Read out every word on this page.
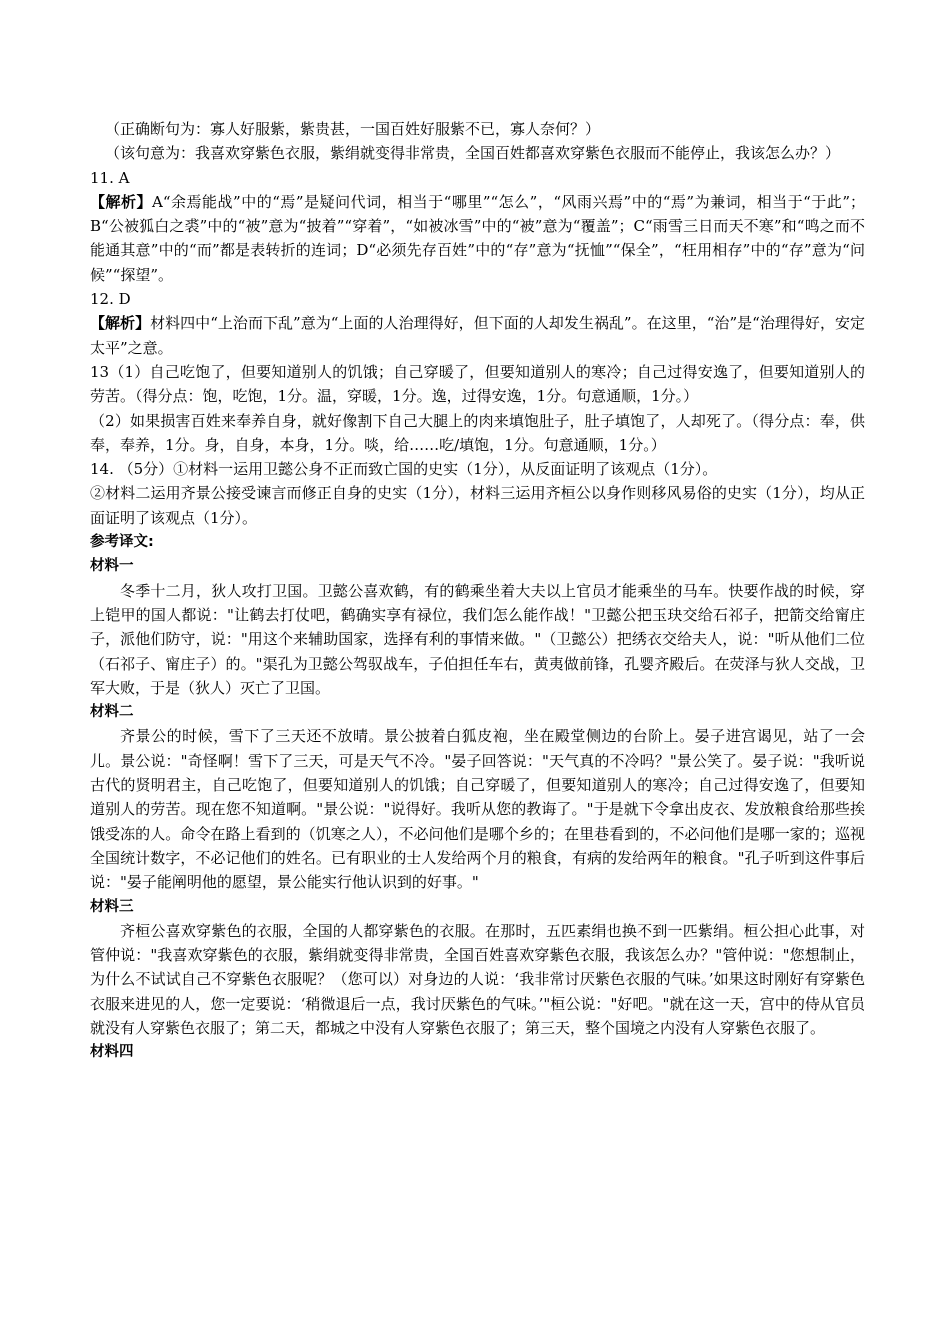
（正确断句为：寡人好服紫，紫贵甚，一国百姓好服紫不已，寡人奈何？）

（该句意为：我喜欢穿紫色衣服，紫绢就变得非常贵，全国百姓都喜欢穿紫色衣服而不能停止，我该怎么办？）

11. A

【解析】A“余焉能战”中的“焉”是疑问代词，相当于“哪里”“怎么”，“风雨兴焉”中的“焉”为兼词，相当于“于此”；B“公被狐白之裘”中的“被”意为“披着”“穿着”，“如被冰雪”中的“被”意为“覆盖”；C“雨雪三日而天不寒”和“鸣之而不能通其意”中的“而”都是表转折的连词；D“必须先存百姓”中的“存”意为“抚恤”“保全”，“枉用相存”中的“存”意为“问候”“探望”。

12. D

【解析】材料四中“上治而下乱”意为“上面的人治理得好，但下面的人却发生祸乱”。在这里，“治”是“治理得好，安定太平”之意。

13（1）自己吃饱了，但要知道别人的饥饿；自己穿暖了，但要知道别人的寒冷；自己过得安逸了，但要知道别人的劳苦。（得分点：饱，吃饱，1分。温，穿暖，1分。逸，过得安逸，1分。句意通顺，1分。）

（2）如果损害百姓来奉养自身，就好像割下自己大腿上的肉来填饱肚子，肚子填饱了，人却死了。（得分点：奉，供奉，奉养，1分。身，自身，本身，1分。啖，给……吃/填饱，1分。句意通顺，1分。）

14. （5分）①材料一运用卫懿公身不正而致亡国的史实（1分），从反面证明了该观点（1分）。

②材料二运用齐景公接受谏言而修正自身的史实（1分），材料三运用齐桓公以身作则移风易俗的史实（1分），均从正面证明了该观点（1分）。

参考译文:

材料一

冬季十二月，狄人攻打卫国。卫懿公喜欢鹤，有的鹤乘坐着大夫以上官员才能乘坐的马车。快要作战的时候，穿上铠甲的国人都说："让鹤去打仗吧，鹤确实享有禄位，我们怎么能作战！"卫懿公把玉玦交给石祁子，把箭交给甯庄子，派他们防守，说："用这个来辅助国家，选择有利的事情来做。"（卫懿公）把绣衣交给夫人，说："听从他们二位（石祁子、甯庄子）的。"渠孔为卫懿公驾驭战车，子伯担任车右，黄夷做前锋，孔婴齐殿后。在荧泽与狄人交战，卫军大败，于是（狄人）灭亡了卫国。

材料二

齐景公的时候，雪下了三天还不放晴。景公披着白狐皮袍，坐在殿堂侧边的台阶上。晏子进宫谒见，站了一会儿。景公说："奇怪啊！雪下了三天，可是天气不冷。"晏子回答说："天气真的不冷吗？"景公笑了。晏子说："我听说古代的贤明君主，自己吃饱了，但要知道别人的饥饿；自己穿暖了，但要知道别人的寒冷；自己过得安逸了，但要知道别人的劳苦。现在您不知道啊。"景公说："说得好。我听从您的教诲了。"于是就下令拿出皮衣、发放粮食给那些挨饿受冻的人。命令在路上看到的（饥寒之人），不必问他们是哪个乡的；在里巷看到的，不必问他们是哪一家的；巡视全国统计数字，不必记他们的姓名。已有职业的士人发给两个月的粮食，有病的发给两年的粮食。"孔子听到这件事后说："晏子能阐明他的愿望，景公能实行他认识到的好事。"

材料三

齐桓公喜欢穿紫色的衣服，全国的人都穿紫色的衣服。在那时，五匹素绢也换不到一匹紫绢。桓公担心此事，对管仲说："我喜欢穿紫色的衣服，紫绢就变得非常贵，全国百姓喜欢穿紫色衣服，我该怎么办？"管仲说："您想制止，为什么不试试自己不穿紫色衣服呢？（您可以）对身边的人说：‘我非常讨厌紫色衣服的气味。’如果这时刚好有穿紫色衣服来进见的人，您一定要说：‘稍微退后一点，我讨厌紫色的气味。’"桓公说："好吧。"就在这一天，宫中的侍从官员就没有人穿紫色衣服了；第二天，都城之中没有人穿紫色衣服了；第三天，整个国境之内没有人穿紫色衣服了。

材料四
